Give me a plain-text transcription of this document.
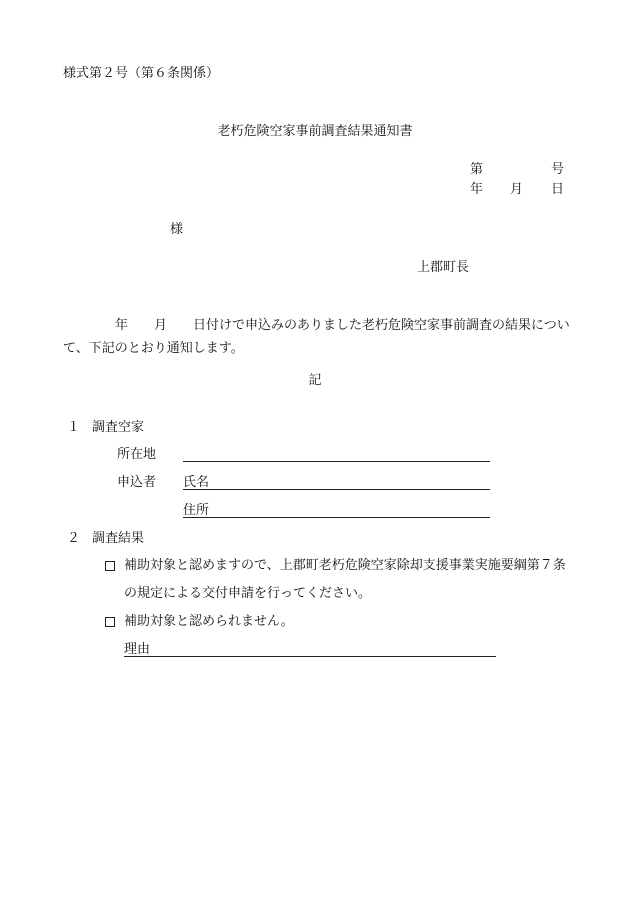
様式第２号（第６条関係）
老朽危険空家事前調査結果通知書
第	号
年 月 日
様
上郡町長
年 月 日付けで申込みのありました老朽危険空家事前調査の結果について、下記のとおり通知します。
記
１ 調査空家
所在地
申込者 氏名
住所
２ 調査結果
補助対象と認めますので、上郡町老朽危険空家除却支援事業実施要綱第７条
の規定による交付申請を行ってください。
補助対象と認められません。
理由
